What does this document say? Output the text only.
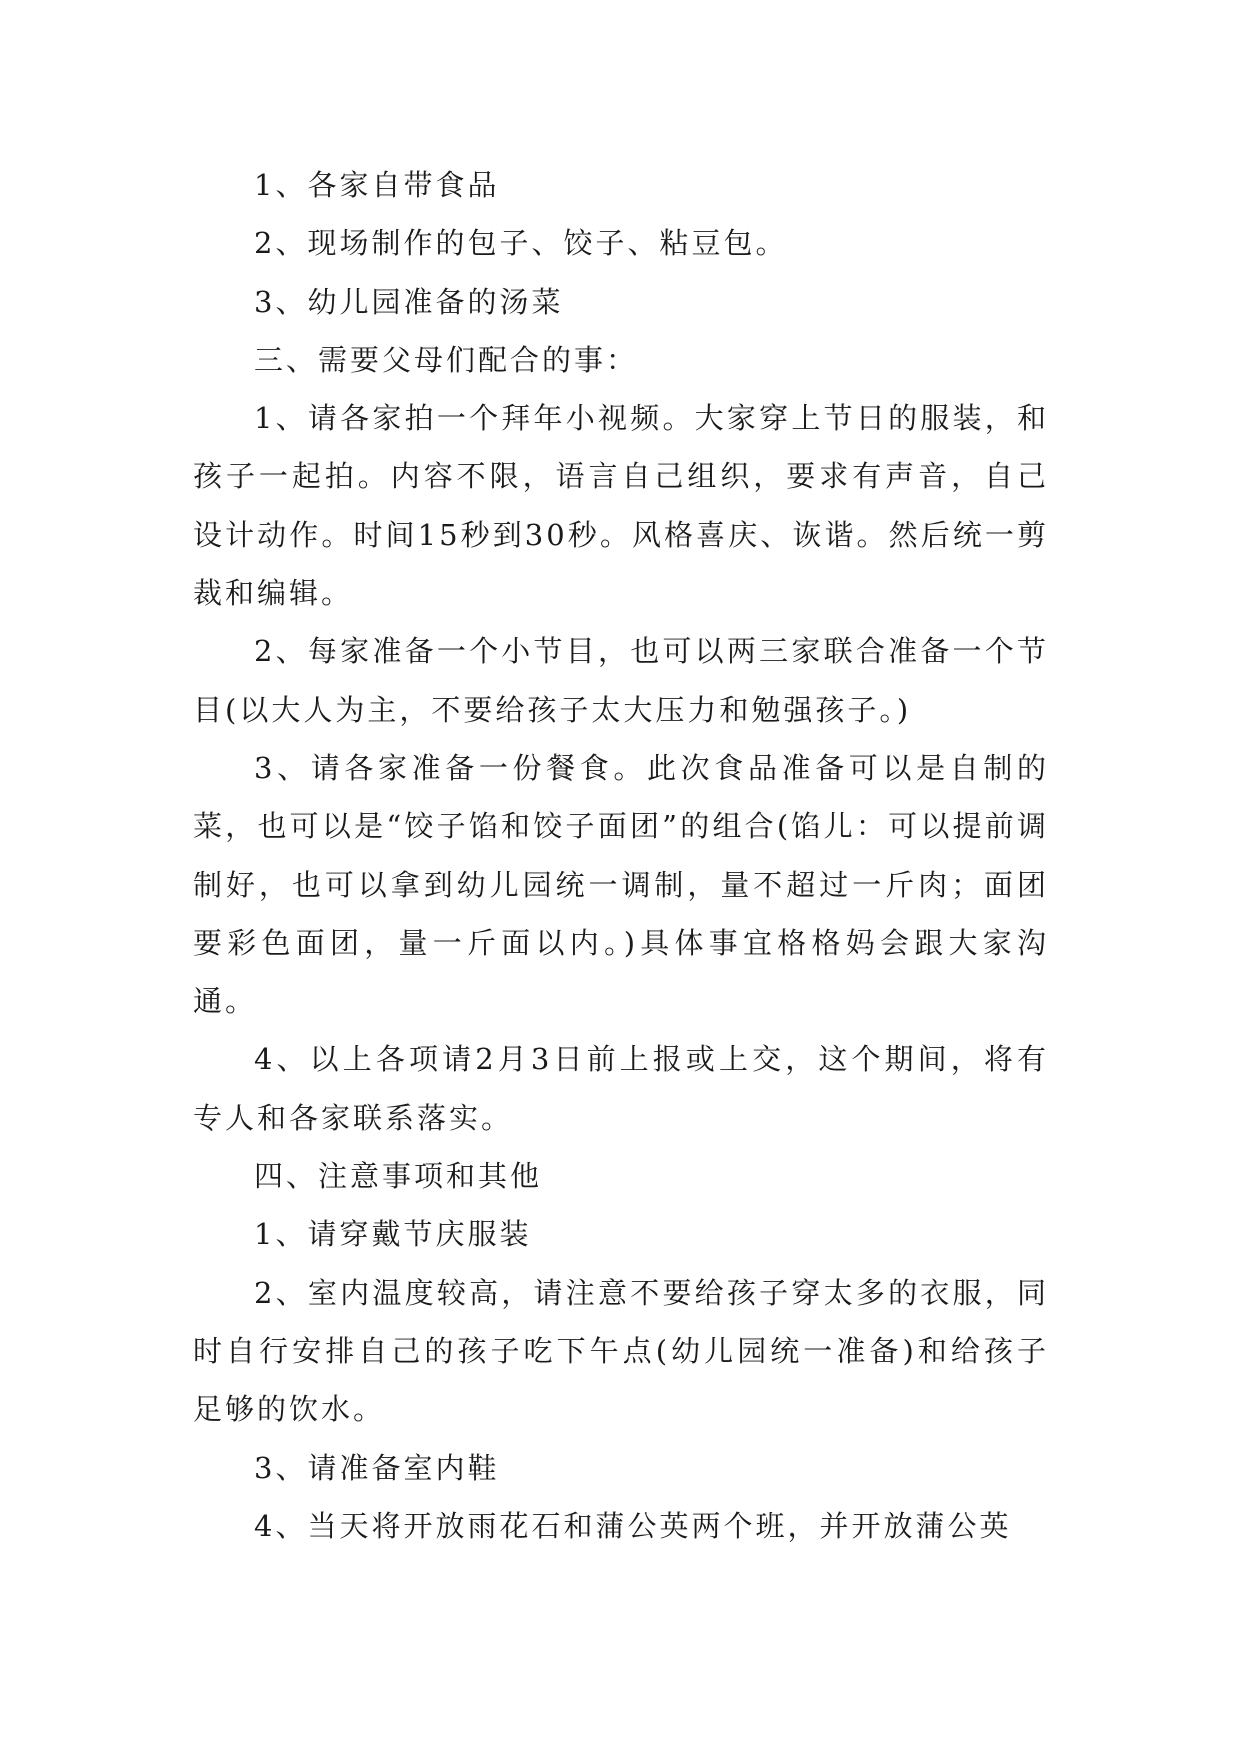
1、各家自带食品

2、现场制作的包子、饺子、粘豆包。

3、幼儿园准备的汤菜

三、需要父母们配合的事：

1、请各家拍一个拜年小视频。大家穿上节日的服装，和孩子一起拍。内容不限，语言自己组织，要求有声音，自己设计动作。时间15秒到30秒。风格喜庆、诙谐。然后统一剪裁和编辑。

2、每家准备一个小节目，也可以两三家联合准备一个节目(以大人为主，不要给孩子太大压力和勉强孩子。)

3、请各家准备一份餐食。此次食品准备可以是自制的菜，也可以是“饺子馅和饺子面团”的组合(馅儿：可以提前调制好，也可以拿到幼儿园统一调制，量不超过一斤肉；面团要彩色面团，量一斤面以内。)具体事宜格格妈会跟大家沟通。

4、以上各项请2月3日前上报或上交，这个期间，将有专人和各家联系落实。

四、注意事项和其他

1、请穿戴节庆服装

2、室内温度较高，请注意不要给孩子穿太多的衣服，同时自行安排自己的孩子吃下午点(幼儿园统一准备)和给孩子足够的饮水。

3、请准备室内鞋

4、当天将开放雨花石和蒲公英两个班，并开放蒲公英
